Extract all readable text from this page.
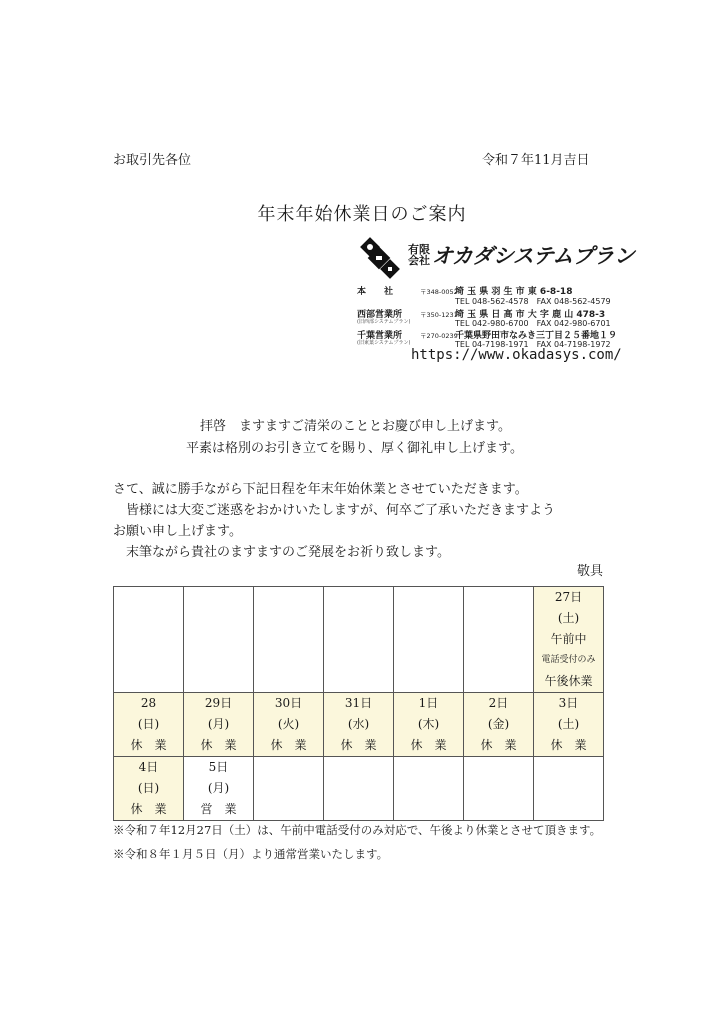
お取引先各位	令和７年11月吉日
年末年始休業日のご案内
有限
会社 オカダシステムプラン
本　　社	〒348-0052
埼 玉 県 羽 生 市 東 6-8-18
TEL 048-562-4578　FAX 048-562-4579
西部営業所
(旧西部システムプラン)
〒350-1231
埼 玉 県 日 高 市 大 字 鹿 山 478-3
TEL 042-980-6700　FAX 042-980-6701
千葉営業所
(旧東葉システムプラン)
〒270-0239
千葉県野田市なみき三丁目２５番地１９
TEL 04-7198-1971　FAX 04-7198-1972
https://www.okadasys.com/

拝啓　ますますご清栄のこととお慶び申し上げます。

平素は格別のお引き立てを賜り、厚く御礼申し上げます。

さて、誠に勝手ながら下記日程を年末年始休業とさせていただきます。

皆様には大変ご迷惑をおかけいたしますが、何卒ご了承いただきますよう

お願い申し上げます。

末筆ながら貴社のますますのご発展をお祈り致します。

敬具

						27日
(土)
午前中
電話受付のみ
午後休業

28
(日)
休　業	29日
(月)
休　業	30日
(火)
休　業	31日
(水)
休　業	1日
(木)
休　業	2日
(金)
休　業	3日
(土)
休　業

4日
(日)
休　業	5日
(月)
営　業					

※令和７年12月27日（土）は、午前中電話受付のみ対応で、午後より休業とさせて頂きます。
※令和８年１月５日（月）より通常営業いたします。
